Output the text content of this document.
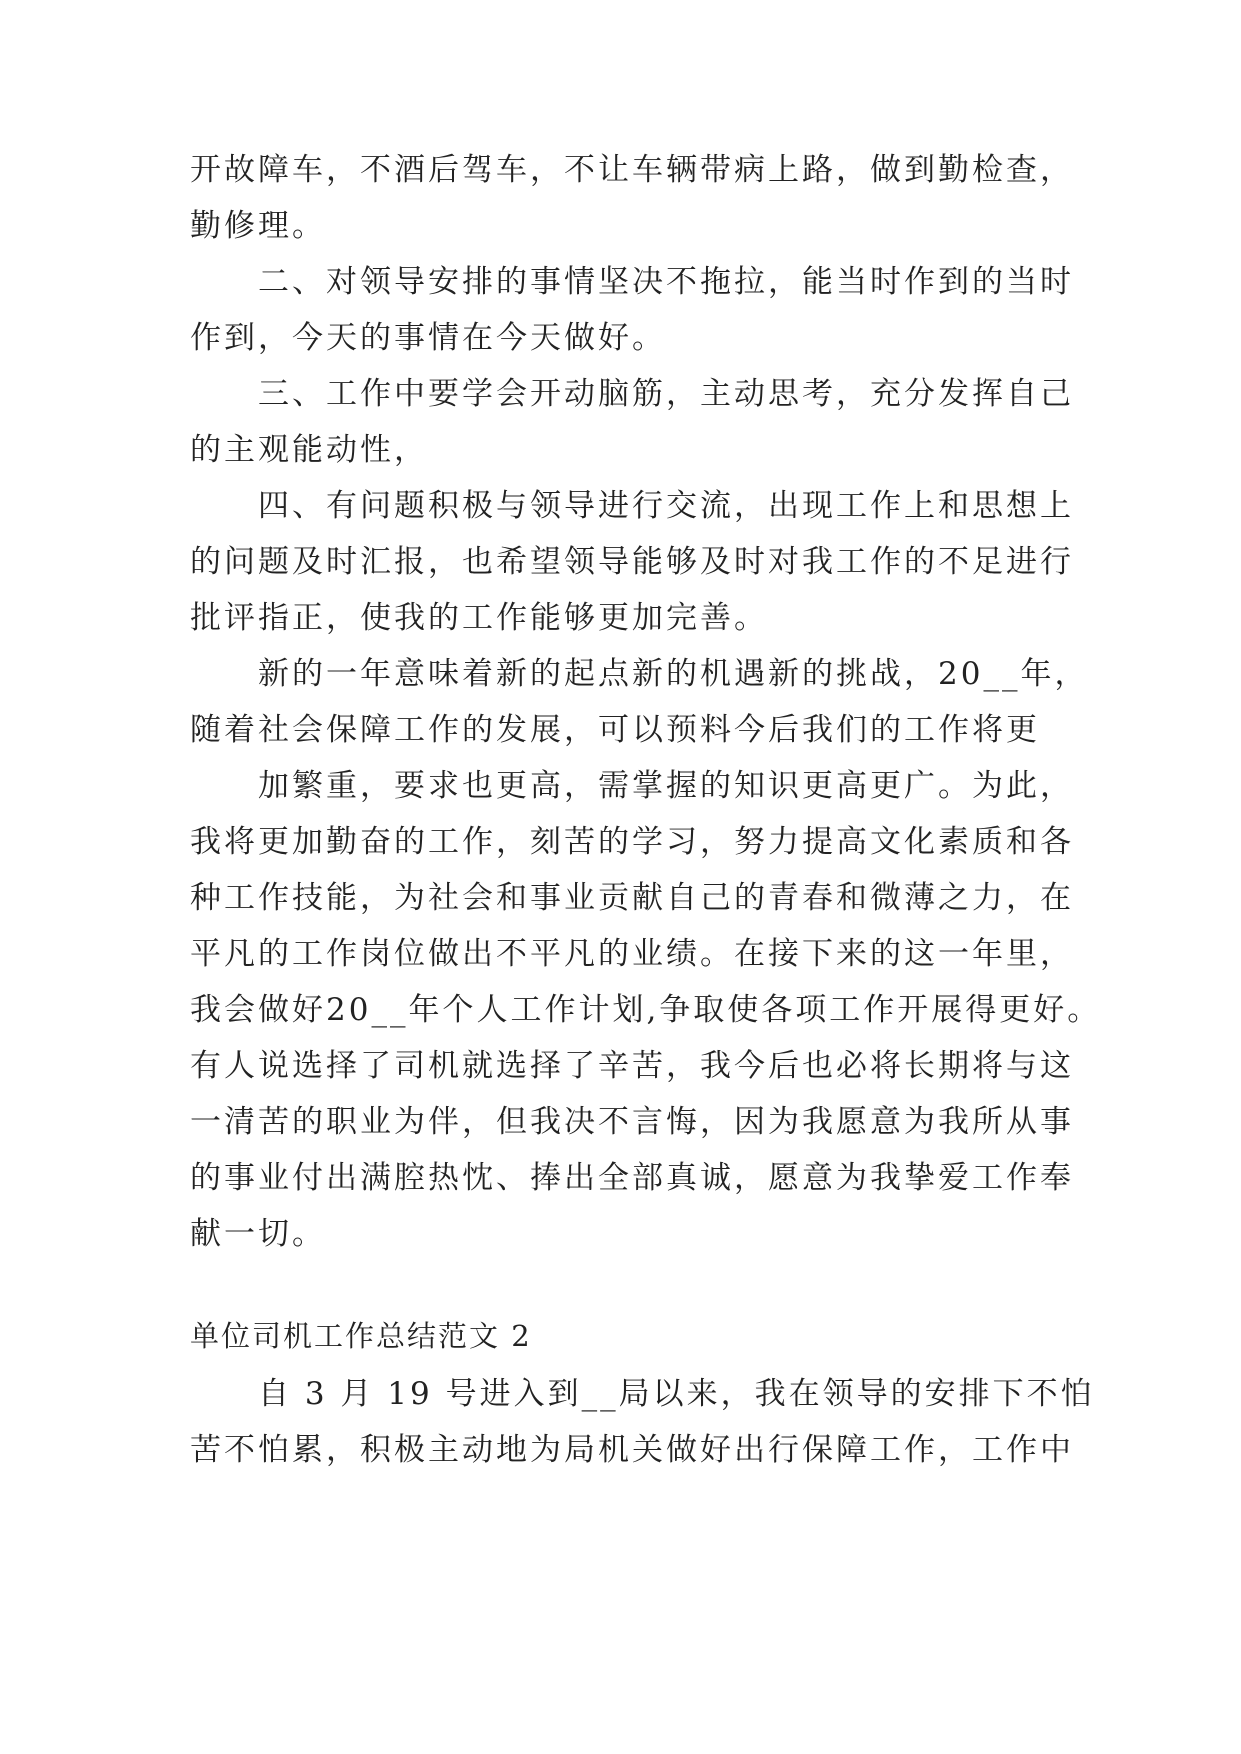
开故障车，不酒后驾车，不让车辆带病上路，做到勤检查，
勤修理。
二、对领导安排的事情坚决不拖拉，能当时作到的当时
作到，今天的事情在今天做好。
三、工作中要学会开动脑筋，主动思考，充分发挥自己
的主观能动性，
四、有问题积极与领导进行交流，出现工作上和思想上
的问题及时汇报，也希望领导能够及时对我工作的不足进行
批评指正，使我的工作能够更加完善。
新的一年意味着新的起点新的机遇新的挑战，20__年，
随着社会保障工作的发展，可以预料今后我们的工作将更
加繁重，要求也更高，需掌握的知识更高更广。为此，
我将更加勤奋的工作，刻苦的学习，努力提高文化素质和各
种工作技能，为社会和事业贡献自己的青春和微薄之力，在
平凡的工作岗位做出不平凡的业绩。在接下来的这一年里，
我会做好20__年个人工作计划,争取使各项工作开展得更好。
有人说选择了司机就选择了辛苦，我今后也必将长期将与这
一清苦的职业为伴，但我决不言悔，因为我愿意为我所从事
的事业付出满腔热忱、捧出全部真诚，愿意为我挚爱工作奉
献一切。
单位司机工作总结范文 2
自 3 月 19 号进入到__局以来，我在领导的安排下不怕
苦不怕累，积极主动地为局机关做好出行保障工作，工作中
